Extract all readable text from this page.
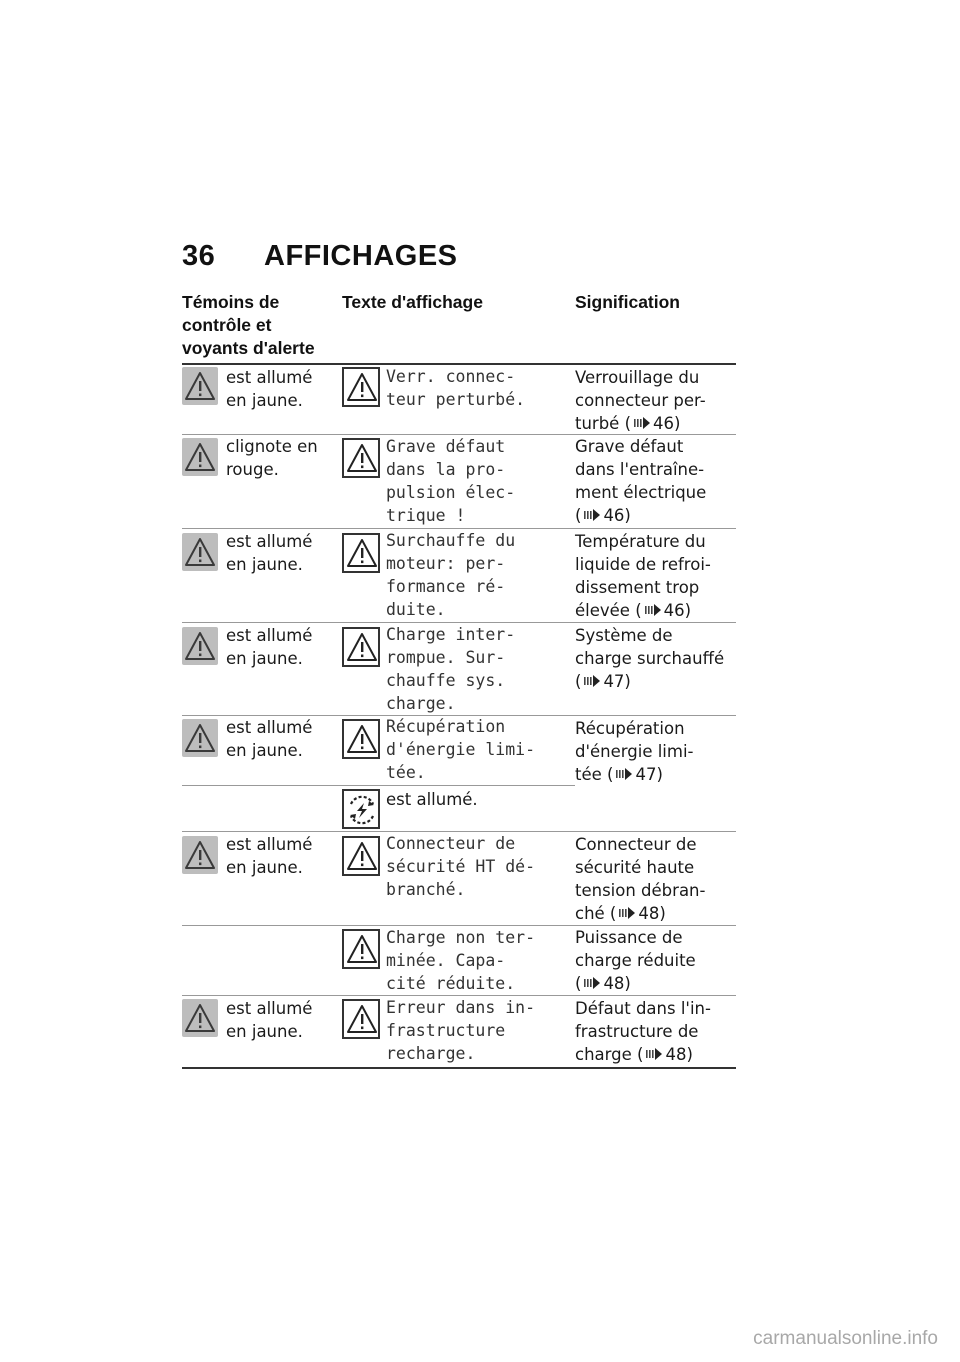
36 AFFICHAGES
Témoins de
contrôle et
voyants d'alerte
Texte d'affichage	Signification
est allumé
en jaune.
Verr. connec-
teur perturbé.
Verrouillage du
connecteur per-
turbé ( 46)
clignote en
rouge.
Grave défaut
dans la pro-
pulsion élec-
trique !
Grave défaut
dans l'entraîne-
ment électrique
( 46)
est allumé
en jaune.
Surchauffe du
moteur: per-
formance ré-
duite.
Température du
liquide de refroi-
dissement trop
élevée ( 46)
est allumé
en jaune.
Charge inter-
rompue. Sur-
chauffe sys.
charge.
Système de
charge surchauffé
( 47)
est allumé
en jaune.
Récupération
d'énergie limi-
tée.
est allumé.
Récupération
d'énergie limi-
tée ( 47)
est allumé
en jaune.
Connecteur de
sécurité HT dé-
branché.
Connecteur de
sécurité haute
tension débran-
ché ( 48)
Charge non ter-
minée. Capa-
cité réduite.
Puissance de
charge réduite
( 48)
est allumé
en jaune.
Erreur dans in-
frastructure
recharge.
Défaut dans l'in-
frastructure de
charge ( 48)
carmanualsonline.info
